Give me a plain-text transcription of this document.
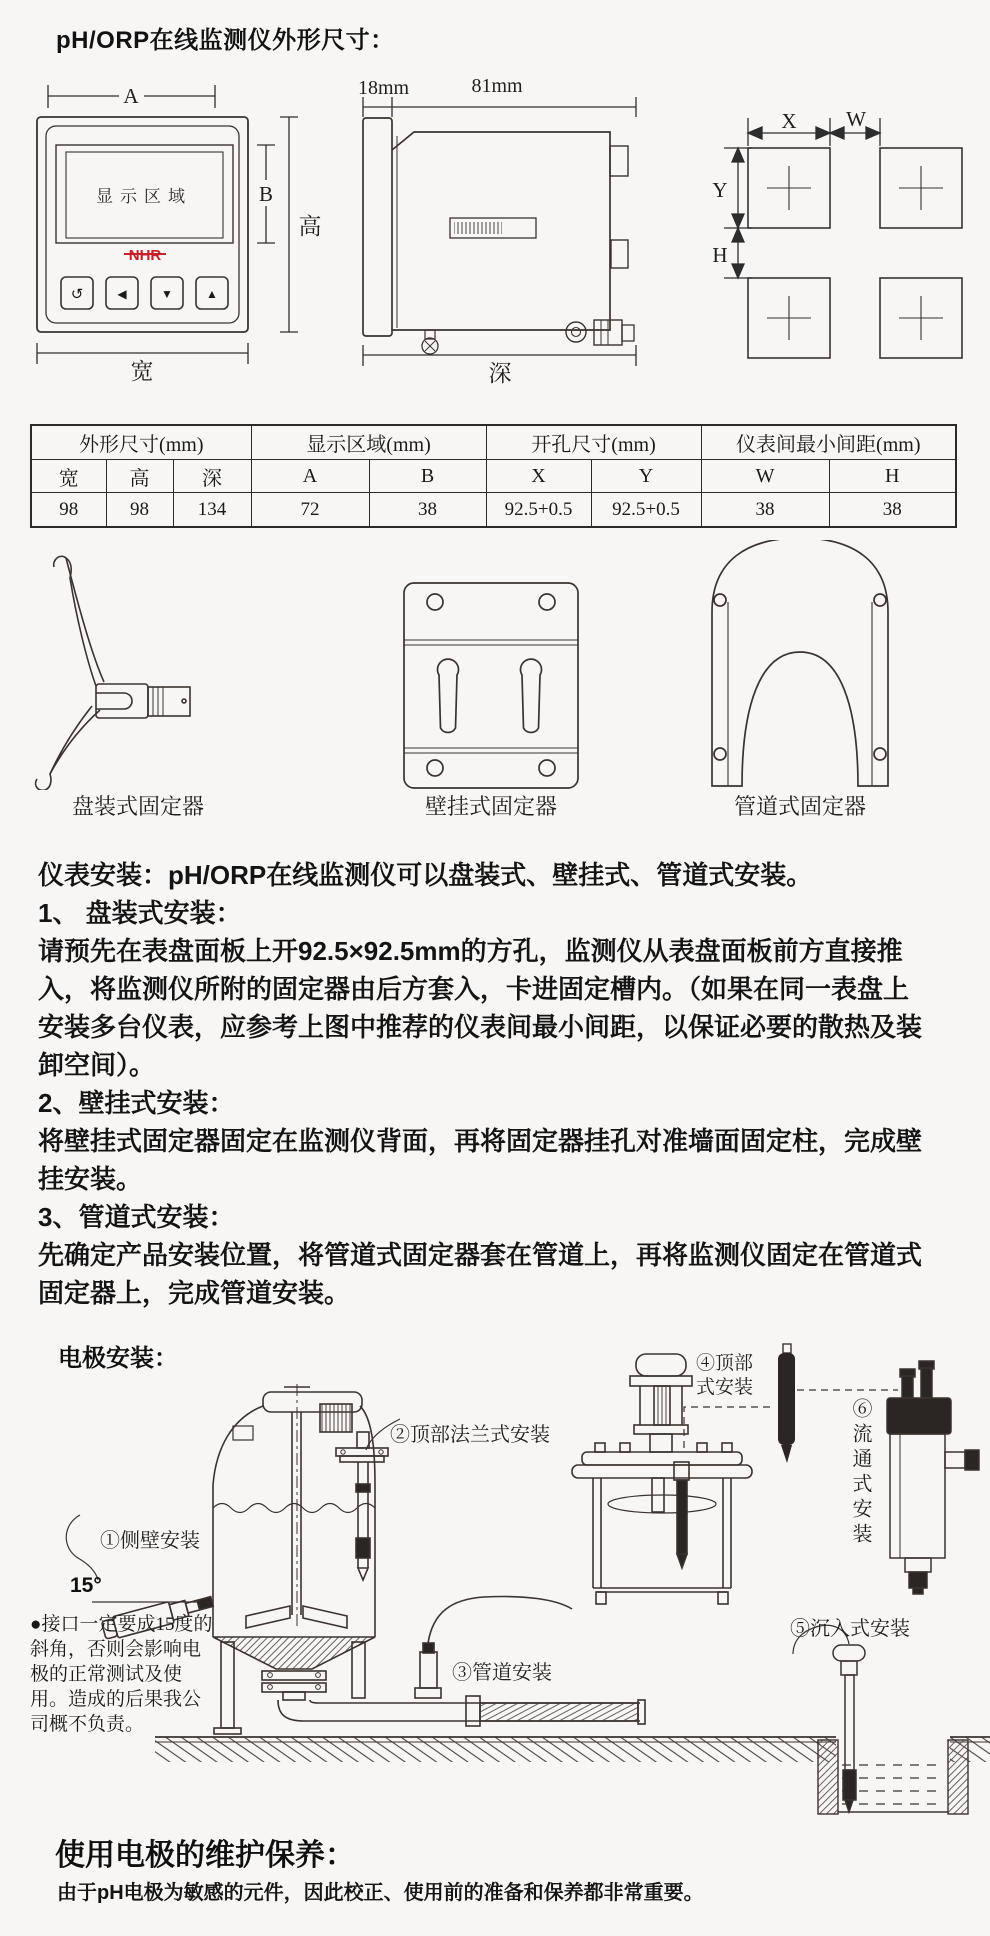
pH/ORP在线监测仪外形尺寸：
显示区域
NHR
↺	◀	▼	▲
A
B
高
宽
18mm	81mm
深
X W
Y
H
外形尺寸(mm)			显示区域(mm)		开孔尺寸(mm)		仪表间最小间距(mm)	
宽	高	深	A	B	X	Y	W	H
98	98	134	72	38	92.5+0.5	92.5+0.5	38	38
盘装式固定器	壁挂式固定器	管道式固定器

仪表安装：pH/ORP在线监测仪可以盘装式、壁挂式、管道式安装。

1、 盘装式安装：

请预先在表盘面板上开92.5×92.5mm的方孔，监测仪从表盘面板前方直接推入，将监测仪所附的固定器由后方套入，卡进固定槽内。（如果在同一表盘上安装多台仪表，应参考上图中推荐的仪表间最小间距，以保证必要的散热及装卸空间）。

2、壁挂式安装：

将壁挂式固定器固定在监测仪背面，再将固定器挂孔对准墙面固定柱，完成壁挂安装。

3、管道式安装：

先确定产品安装位置，将管道式固定器套在管道上，再将监测仪固定在管道式固定器上，完成管道安装。

电极安装：
①侧壁安装
15°
②顶部法兰式安装
③管道安装
④顶部式安装
⑤沉入式安装
⑥流通式安装
●接口一定要成15度的斜角，否则会影响电极的正常测试及使用。造成的后果我公司概不负责。
使用电极的维护保养：
由于pH电极为敏感的元件，因此校正、使用前的准备和保养都非常重要。
